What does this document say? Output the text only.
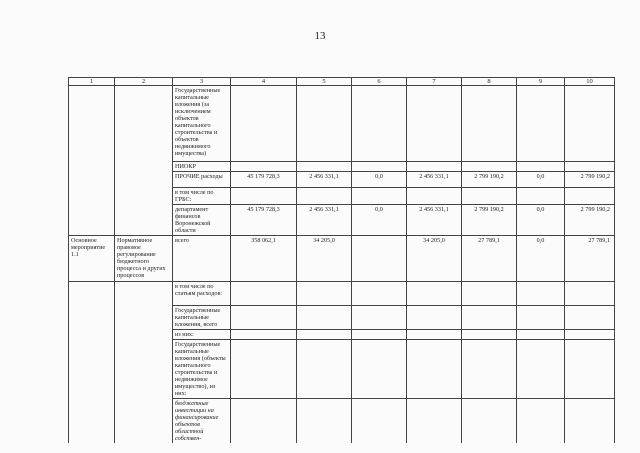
13
1	2	3	4	5	6	7	8	9	10
		Государственные капитальные вложения (за исключением объектов капитального строительства и объектов недвижимого имущества)							
		НИОКР							
		ПРОЧИЕ расходы	45 179 728,3	2 456 331,1	0,0	2 456 331,1	2 799 190,2	0,0	2 799 190,2
		в том числе по ГРБС:							
		департамент финансов Воронежской области	45 179 728,3	2 456 331,1	0,0	2 456 331,1	2 799 190,2	0,0	2 799 190,2
Основное мероприятие 1.1	Нормативное правовое регулирование бюджетного процесса и других процессов	всего	358 062,1	34 205,0		34 205,0	27 789,1	0,0	27 789,1
		в том числе по статьям расходов:							
		Государственные капитальные вложения, всего							
		из них:							
		Государственные капитальные вложения (объекты капитального строительства и недвижимое имущество), из них:							
		бюджетные инвестиции на финансирование объектов областной собствен-							
